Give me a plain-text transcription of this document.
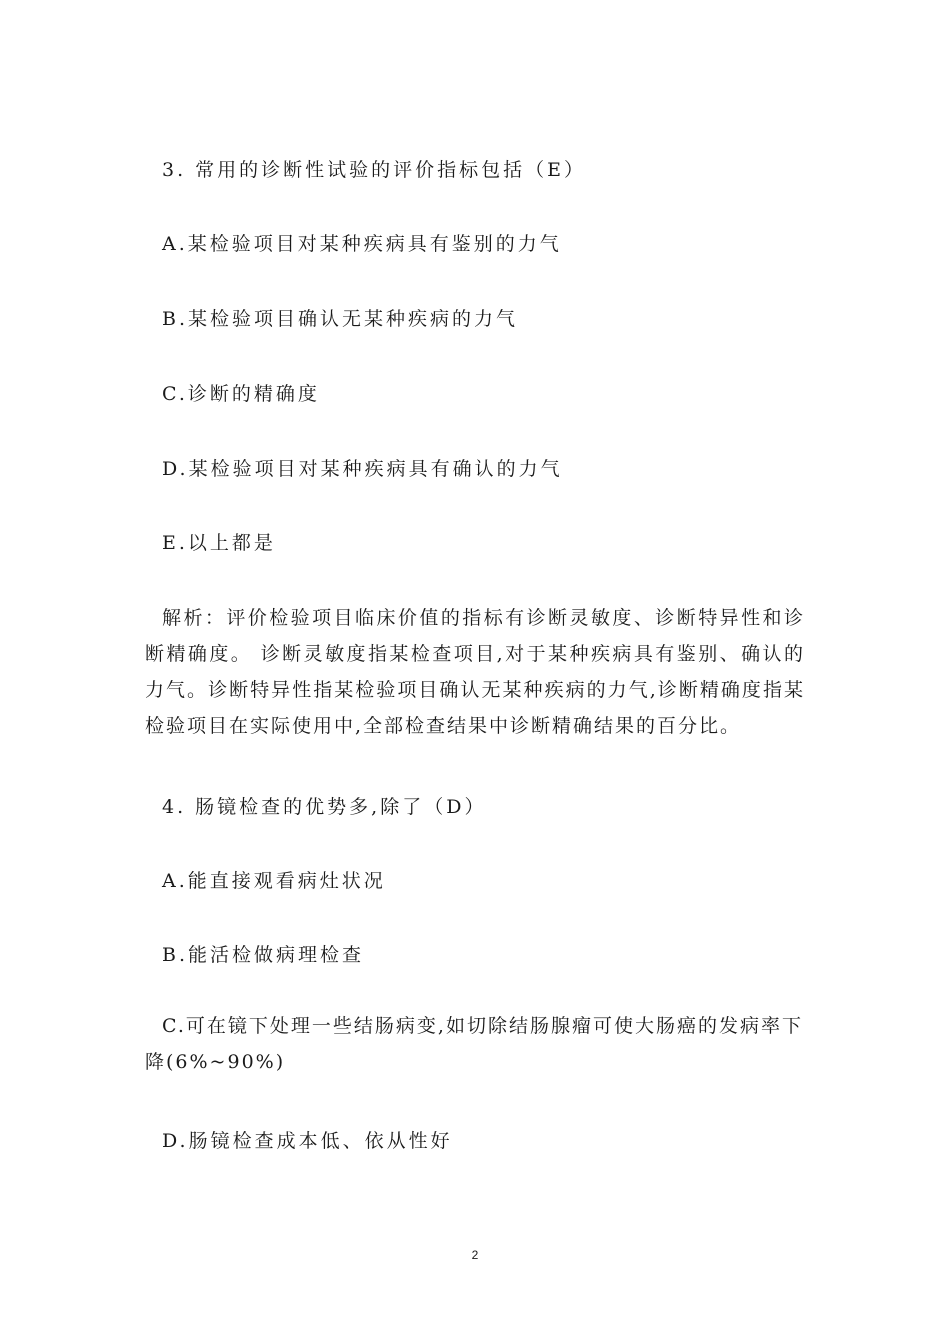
3. 常用的诊断性试验的评价指标包括（E）
A.某检验项目对某种疾病具有鉴别的力气
B.某检验项目确认无某种疾病的力气
C.诊断的精确度
D.某检验项目对某种疾病具有确认的力气
E.以上都是
解析：评价检验项目临床价值的指标有诊断灵敏度、诊断特异性和诊断精确度。 诊断灵敏度指某检查项目,对于某种疾病具有鉴别、确认的力气。诊断特异性指某检验项目确认无某种疾病的力气,诊断精确度指某检验项目在实际使用中,全部检查结果中诊断精确结果的百分比。
4. 肠镜检查的优势多,除了（D）
A.能直接观看病灶状况
B.能活检做病理检查
C.可在镜下处理一些结肠病变,如切除结肠腺瘤可使大肠癌的发病率下降(6%~90%)
D.肠镜检查成本低、依从性好
2
